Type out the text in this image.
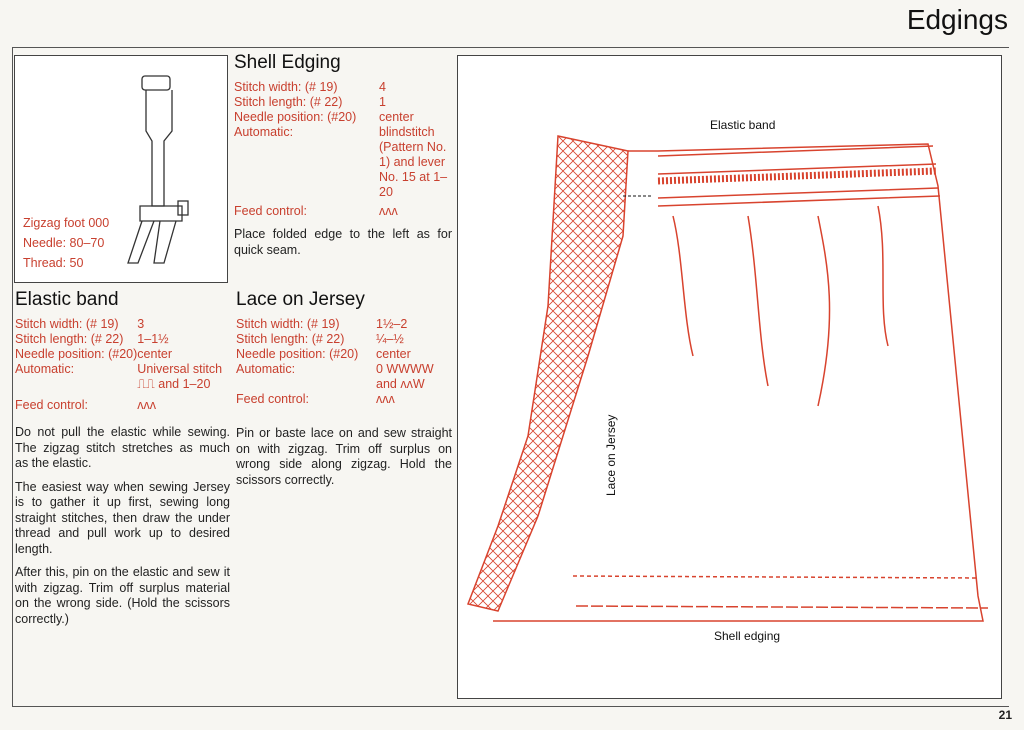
Edgings
Zigzag foot 000
Needle: 80–70
Thread: 50
Shell Edging
Stitch width: (# 19)	4
Stitch length: (# 22)	1
Needle position: (#20)	center
Automatic:	blindstitch (Pattern No. 1) and lever No. 15 at 1–20
Feed control:	ᴧᴧᴧ
Place folded edge to the left as for quick seam.
Elastic band
Stitch width: (# 19)	3
Stitch length: (# 22)	1–1½
Needle position: (#20)	center
Automatic:	Universal stitch ⎍⎍ and 1–20
Feed control:	ᴧᴧᴧ

Do not pull the elastic while sewing. The zigzag stitch stretches as much as the elastic.

The easiest way when sewing Jersey is to gather it up first, sewing long straight stitches, then draw the under thread and pull work up to desired length.

After this, pin on the elastic and sew it with zigzag. Trim off surplus material on the wrong side. (Hold the scissors correctly.)

Lace on Jersey
Stitch width: (# 19)	1½–2
Stitch length: (# 22)	¼–½
Needle position: (#20)	center
Automatic:	0 WWWW and ᴧᴧW
Feed control:	ᴧᴧᴧ
Pin or baste lace on and sew straight on with zigzag. Trim off surplus on wrong side along zigzag. Hold the scissors correctly.
Elastic band
Lace on Jersey
Shell edging
21
